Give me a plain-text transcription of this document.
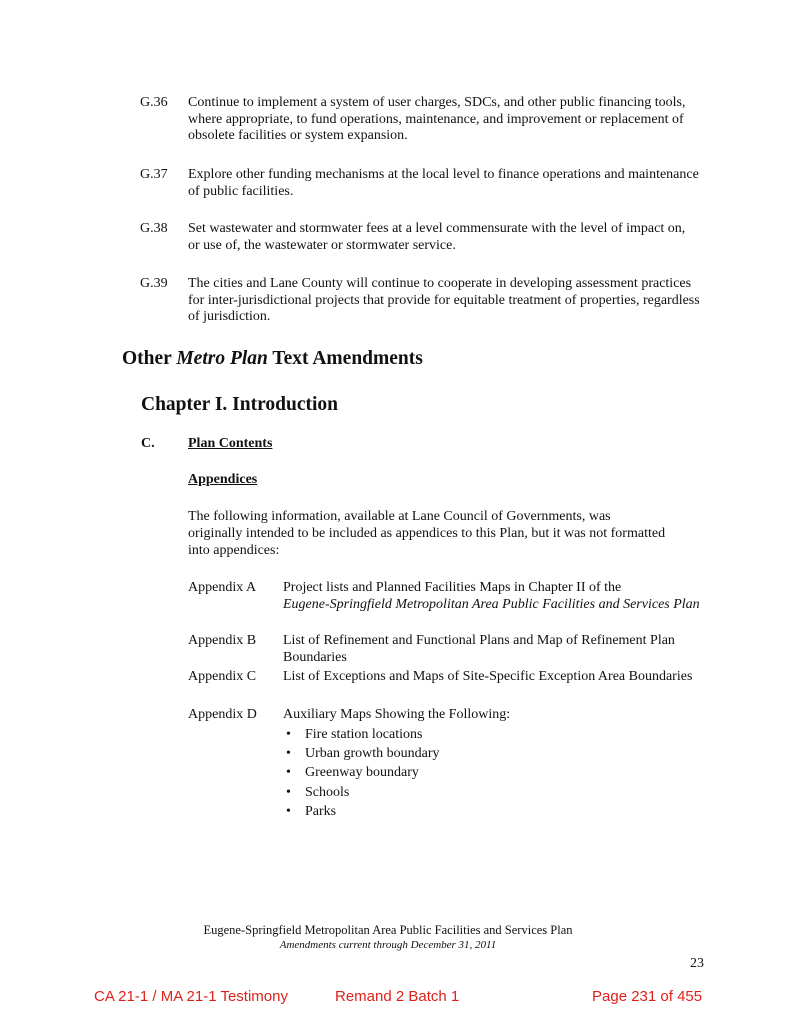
G.36 Continue to implement a system of user charges, SDCs, and other public financing tools, where appropriate, to fund operations, maintenance, and improvement or replacement of obsolete facilities or system expansion.
G.37 Explore other funding mechanisms at the local level to finance operations and maintenance of public facilities.
G.38 Set wastewater and stormwater fees at a level commensurate with the level of impact on, or use of, the wastewater or stormwater service.
G.39 The cities and Lane County will continue to cooperate in developing assessment practices for inter-jurisdictional projects that provide for equitable treatment of properties, regardless of jurisdiction.
Other Metro Plan Text Amendments
Chapter I. Introduction
C. Plan Contents
Appendices
The following information, available at Lane Council of Governments, was originally intended to be included as appendices to this Plan, but it was not formatted into appendices:
Appendix A Project lists and Planned Facilities Maps in Chapter II of the
Eugene-Springfield Metropolitan Area Public Facilities and Services Plan
Appendix B List of Refinement and Functional Plans and Map of Refinement Plan Boundaries
Appendix C List of Exceptions and Maps of Site-Specific Exception Area Boundaries
Appendix D Auxiliary Maps Showing the Following:
• Fire station locations
• Urban growth boundary
• Greenway boundary
• Schools
• Parks
Eugene-Springfield Metropolitan Area Public Facilities and Services Plan
Amendments current through December 31, 2011
23
CA 21-1 / MA 21-1 Testimony	Remand 2 Batch 1	Page 231 of 455
